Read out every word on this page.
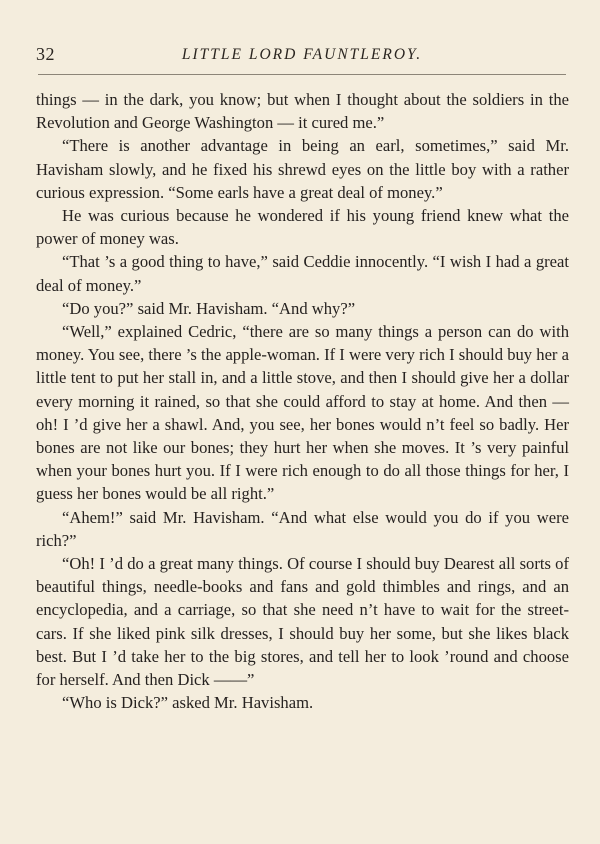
32	LITTLE LORD FAUNTLEROY.

things — in the dark, you know; but when I thought about the soldiers in the Revolution and George Washington — it cured me.”

“There is another advantage in being an earl, sometimes,” said Mr. Havisham slowly, and he fixed his shrewd eyes on the little boy with a rather curious expression. “Some earls have a great deal of money.”

He was curious because he wondered if his young friend knew what the power of money was.

“That ’s a good thing to have,” said Ceddie innocently. “I wish I had a great deal of money.”

“Do you?” said Mr. Havisham. “And why?”

“Well,” explained Cedric, “there are so many things a person can do with money. You see, there ’s the apple-woman. If I were very rich I should buy her a little tent to put her stall in, and a little stove, and then I should give her a dollar every morning it rained, so that she could afford to stay at home. And then — oh! I ’d give her a shawl. And, you see, her bones would n’t feel so badly. Her bones are not like our bones; they hurt her when she moves. It ’s very painful when your bones hurt you. If I were rich enough to do all those things for her, I guess her bones would be all right.”

“Ahem!” said Mr. Havisham. “And what else would you do if you were rich?”

“Oh! I ’d do a great many things. Of course I should buy Dearest all sorts of beautiful things, needle-books and fans and gold thimbles and rings, and an encyclopedia, and a carriage, so that she need n’t have to wait for the street-cars. If she liked pink silk dresses, I should buy her some, but she likes black best. But I ’d take her to the big stores, and tell her to look ’round and choose for herself. And then Dick ——”

“Who is Dick?” asked Mr. Havisham.
